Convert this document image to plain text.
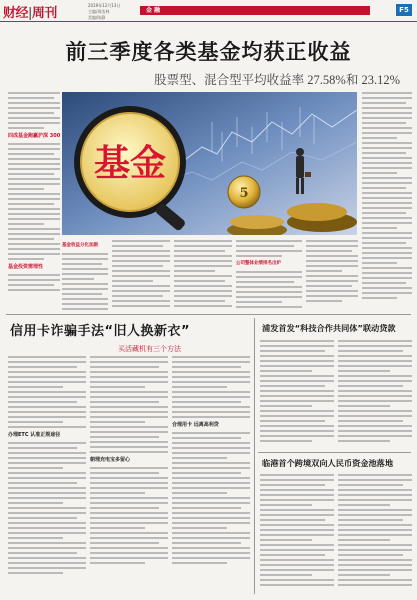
财经|周刊
2019年12月13日
主编/周浩林
美编/陈静
金 融	F5
前三季度各类基金均获正收益
股票型、混合型平均收益率 27.58%和 23.12%
四成基金跑赢沪深 300
基金投资需理性
5
基金
基金收益分化加剧
公司整体业绩排名出炉
信用卡诈骗手法“旧人换新衣”
买活藏机有三个方法
办理ETC 认准正规途径
朝理充电宝多留心
合理用卡 远离高利贷
浦发首发“科技合作共同体”联动贷款
临港首个跨境双向人民币资金池落地
